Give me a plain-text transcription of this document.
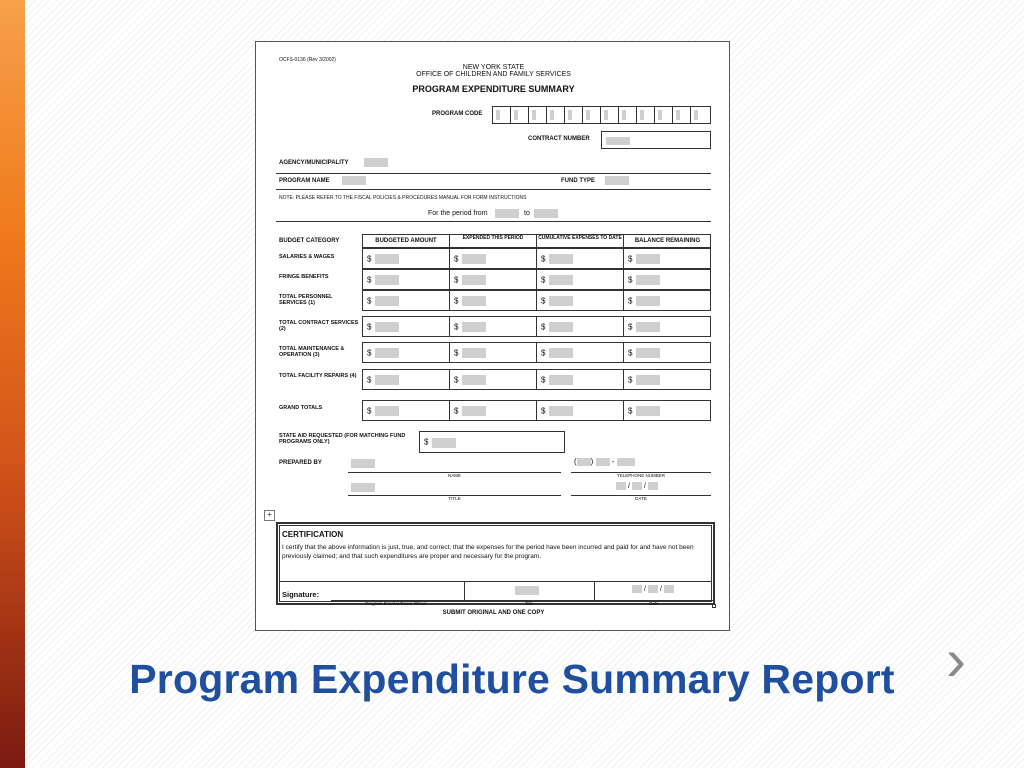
OCFS-0136 (Rev 3/2002)
NEW YORK STATE
OFFICE OF CHILDREN AND FAMILY SERVICES
PROGRAM EXPENDITURE SUMMARY
PROGRAM CODE
CONTRACT NUMBER
AGENCY/MUNICIPALITY
PROGRAM NAME	FUND TYPE
NOTE: PLEASE REFER TO THE FISCAL POLICIES & PROCEDURES MANUAL FOR FORM INSTRUCTIONS
For the period from	to
BUDGET CATEGORY	BUDGETED AMOUNT	EXPENDED THIS PERIOD	CUMULATIVE EXPENSES TO DATE	BALANCE REMAINING
SALARIES & WAGES	$	$	$	$
FRINGE BENEFITS	$	$	$	$
TOTAL PERSONNEL SERVICES (1)	$	$	$	$
TOTAL CONTRACT SERVICES (2)	$	$	$	$
TOTAL MAINTENANCE & OPERATION (3)	$	$	$	$
TOTAL FACILITY REPAIRS (4)	$	$	$	$
GRAND TOTALS	$	$	$	$
STATE AID REQUESTED (FOR MATCHING FUND PROGRAMS ONLY)	$
PREPARED BY
NAME
( )  -
TELEPHONE NUMBER
TITLE
/ /
DATE
CERTIFICATION
I certify that the above information is just, true, and correct; that the expenses for the period have been incurred and paid for and have not been previously claimed; and that such expenditures are proper and necessary for the program.
Signature:
/ /
Program Director/Fiscal Officer	Title	Date
SUBMIT ORIGINAL AND ONE COPY
+
Program Expenditure Summary Report ›
